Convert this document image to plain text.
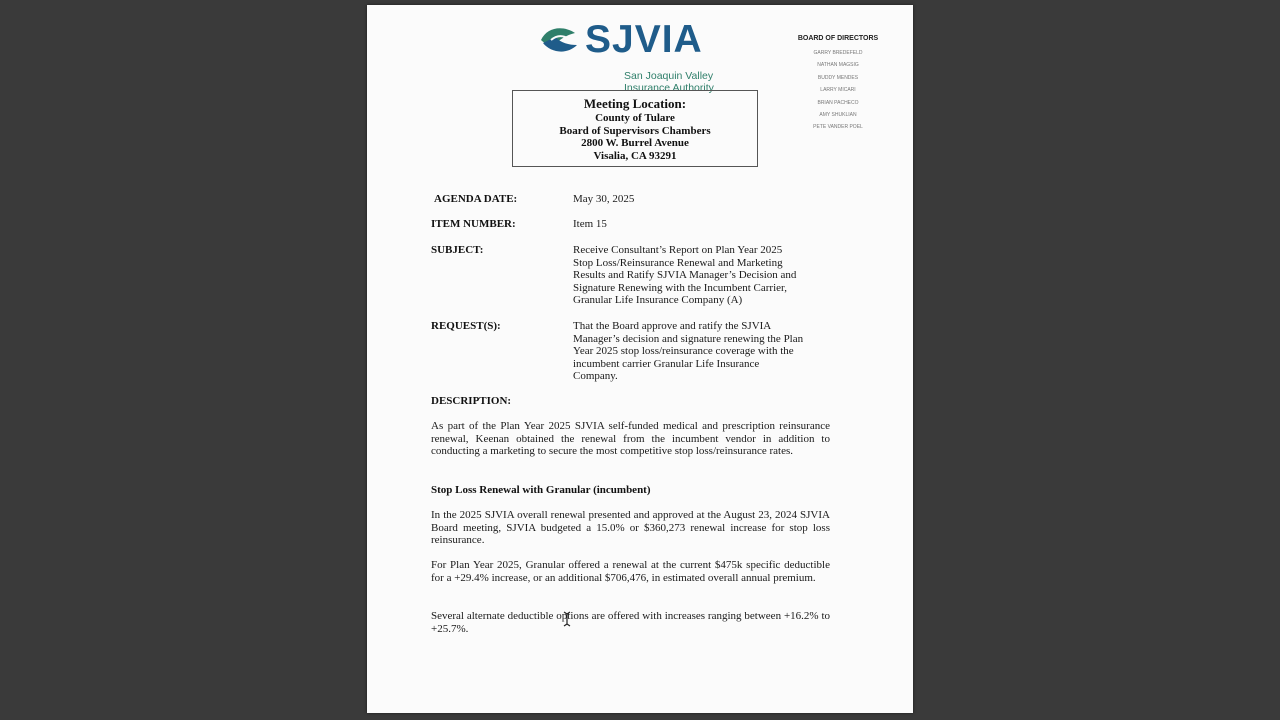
SJVIA
San Joaquin Valley
Insurance Authority
BOARD OF DIRECTORS
GARRY BREDEFELD
NATHAN MAGSIG
BUDDY MENDES
LARRY MICARI
BRIAN PACHECO
AMY SHUKLIAN
PETE VANDER POEL
Meeting Location:
County of Tulare
Board of Supervisors Chambers
2800 W. Burrel Avenue
Visalia, CA 93291
AGENDA DATE:	May 30, 2025
ITEM NUMBER:	Item 15
SUBJECT:	Receive Consultant’s Report on Plan Year 2025
Stop Loss/Reinsurance Renewal and Marketing
Results and Ratify SJVIA Manager’s Decision and
Signature Renewing with the Incumbent Carrier,
Granular Life Insurance Company (A)
REQUEST(S):	That the Board approve and ratify the SJVIA
Manager’s decision and signature renewing the Plan
Year 2025 stop loss/reinsurance coverage with the
incumbent carrier Granular Life Insurance
Company.
DESCRIPTION:
As part of the Plan Year 2025 SJVIA self-funded medical and prescription reinsurance renewal, Keenan obtained the renewal from the incumbent vendor in addition to conducting a marketing to secure the most competitive stop loss/reinsurance rates.
Stop Loss Renewal with Granular (incumbent)
In the 2025 SJVIA overall renewal presented and approved at the August 23, 2024 SJVIA Board meeting, SJVIA budgeted a 15.0% or $360,273 renewal increase for stop loss reinsurance.
For Plan Year 2025, Granular offered a renewal at the current $475k specific deductible for a +29.4% increase, or an additional $706,476, in estimated overall annual premium.
Several alternate deductible options are offered with increases ranging between +16.2% to +25.7%.
